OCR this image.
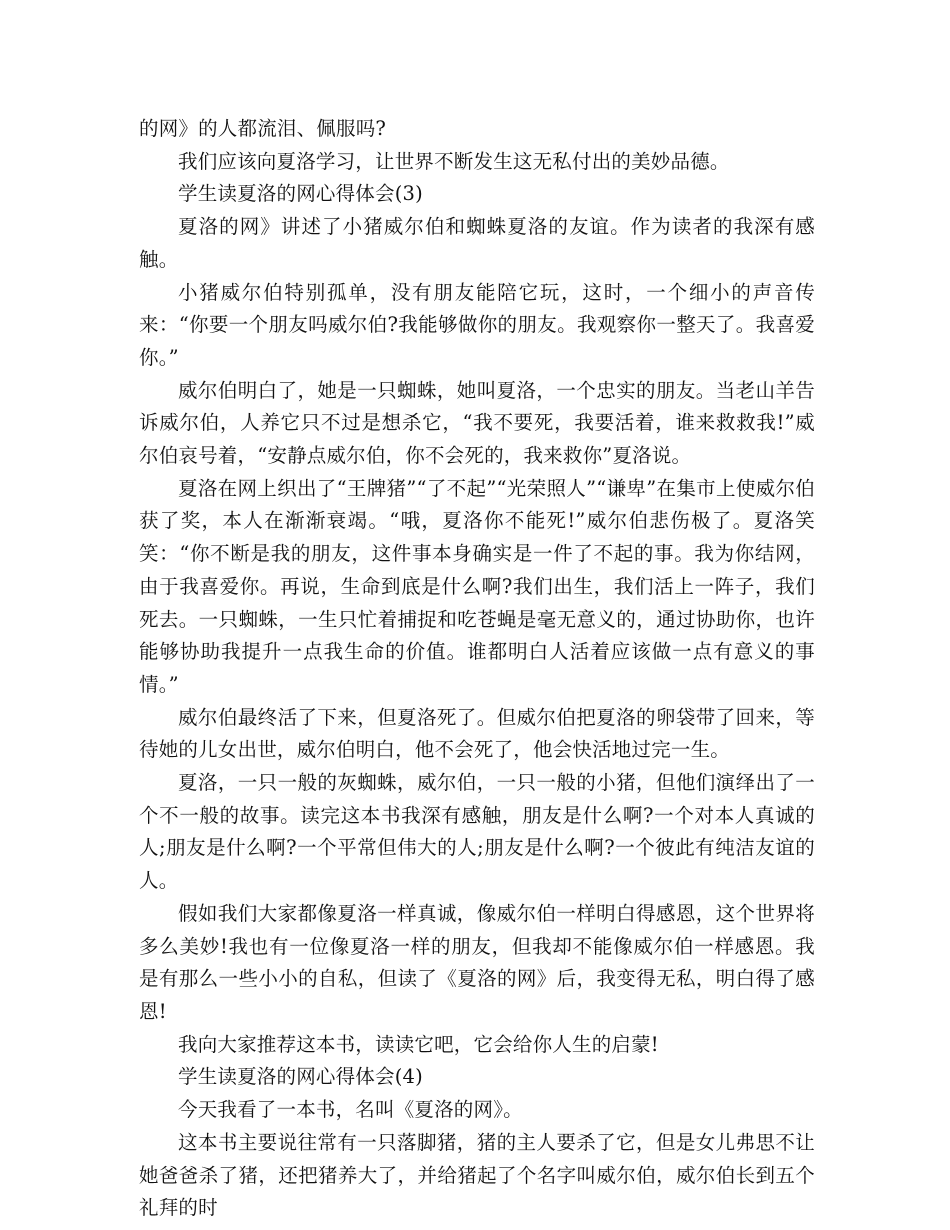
的网》的人都流泪、佩服吗?

我们应该向夏洛学习，让世界不断发生这无私付出的美妙品德。

学生读夏洛的网心得体会(3)

夏洛的网》讲述了小猪威尔伯和蜘蛛夏洛的友谊。作为读者的我深有感触。

小猪威尔伯特别孤单，没有朋友能陪它玩，这时，一个细小的声音传来：“你要一个朋友吗威尔伯?我能够做你的朋友。我观察你一整天了。我喜爱你。”

威尔伯明白了，她是一只蜘蛛，她叫夏洛，一个忠实的朋友。当老山羊告诉威尔伯，人养它只不过是想杀它，“我不要死，我要活着，谁来救救我!”威尔伯哀号着，“安静点威尔伯，你不会死的，我来救你”夏洛说。

夏洛在网上织出了“王牌猪”“了不起”“光荣照人”“谦卑”在集市上使威尔伯获了奖，本人在渐渐衰竭。“哦，夏洛你不能死!”威尔伯悲伤极了。夏洛笑笑：“你不断是我的朋友，这件事本身确实是一件了不起的事。我为你结网，由于我喜爱你。再说，生命到底是什么啊?我们出生，我们活上一阵子，我们死去。一只蜘蛛，一生只忙着捕捉和吃苍蝇是毫无意义的，通过协助你，也许能够协助我提升一点我生命的价值。谁都明白人活着应该做一点有意义的事情。”

威尔伯最终活了下来，但夏洛死了。但威尔伯把夏洛的卵袋带了回来，等待她的儿女出世，威尔伯明白，他不会死了，他会快活地过完一生。

夏洛，一只一般的灰蜘蛛，威尔伯，一只一般的小猪，但他们演绎出了一个不一般的故事。读完这本书我深有感触，朋友是什么啊?一个对本人真诚的人;朋友是什么啊?一个平常但伟大的人;朋友是什么啊?一个彼此有纯洁友谊的人。

假如我们大家都像夏洛一样真诚，像威尔伯一样明白得感恩，这个世界将多么美妙!我也有一位像夏洛一样的朋友，但我却不能像威尔伯一样感恩。我是有那么一些小小的自私，但读了《夏洛的网》后，我变得无私，明白得了感恩!

我向大家推荐这本书，读读它吧，它会给你人生的启蒙!

学生读夏洛的网心得体会(4)

今天我看了一本书，名叫《夏洛的网》。

这本书主要说往常有一只落脚猪，猪的主人要杀了它，但是女儿弗思不让她爸爸杀了猪，还把猪养大了，并给猪起了个名字叫威尔伯，威尔伯长到五个礼拜的时
